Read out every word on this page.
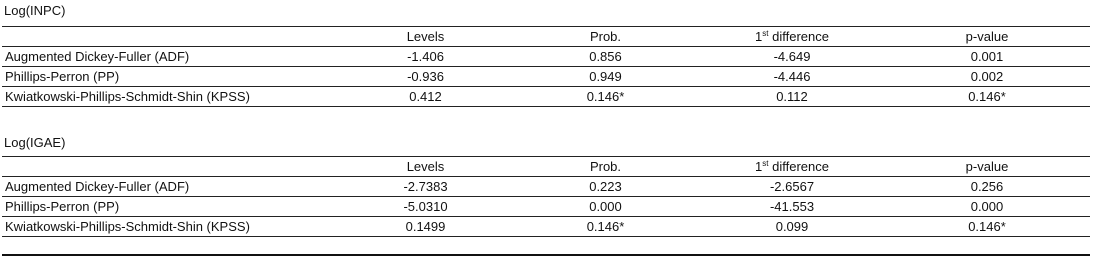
Log(INPC)
	Levels	Prob.	1st difference	p-value
Augmented Dickey-Fuller (ADF)	-1.406	0.856	-4.649	0.001
Phillips-Perron (PP)	-0.936	0.949	-4.446	0.002
Kwiatkowski-Phillips-Schmidt-Shin (KPSS)	0.412	0.146*	0.112	0.146*
Log(IGAE)
	Levels	Prob.	1st difference	p-value
Augmented Dickey-Fuller (ADF)	-2.7383	0.223	-2.6567	0.256
Phillips-Perron (PP)	-5.0310	0.000	-41.553	0.000
Kwiatkowski-Phillips-Schmidt-Shin (KPSS)	0.1499	0.146*	0.099	0.146*
